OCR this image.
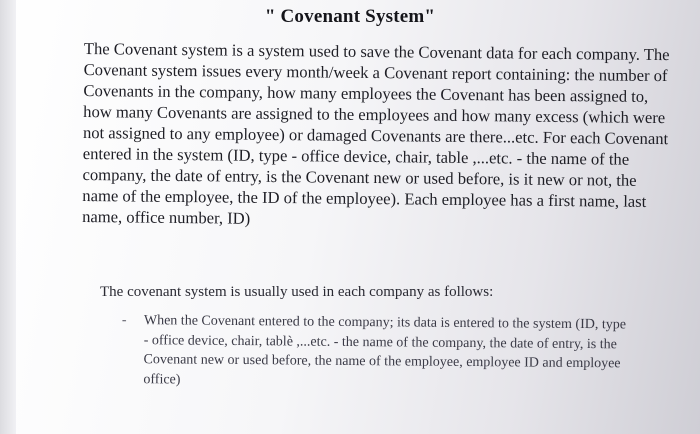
" Covenant System"

The Covenant system is a system used to save the Covenant data for each company. The Covenant system issues every month/week a Covenant report containing: the number of Covenants in the company, how many employees the Covenant has been assigned to, how many Covenants are assigned to the employees and how many excess (which were not assigned to any employee) or damaged Covenants are there...etc. For each Covenant entered in the system (ID, type - office device, chair, table ,...etc. - the name of the company, the date of entry, is the Covenant new or used before, is it new or not, the name of the employee, the ID of the employee). Each employee has a first name, last name, office number, ID)

The covenant system is usually used in each company as follows:

-	When the Covenant entered to the company; its data is entered to the system (ID, type - office device, chair, tablè ,...etc. - the name of the company, the date of entry, is the Covenant new or used before, the name of the employee, employee ID and employee office)
